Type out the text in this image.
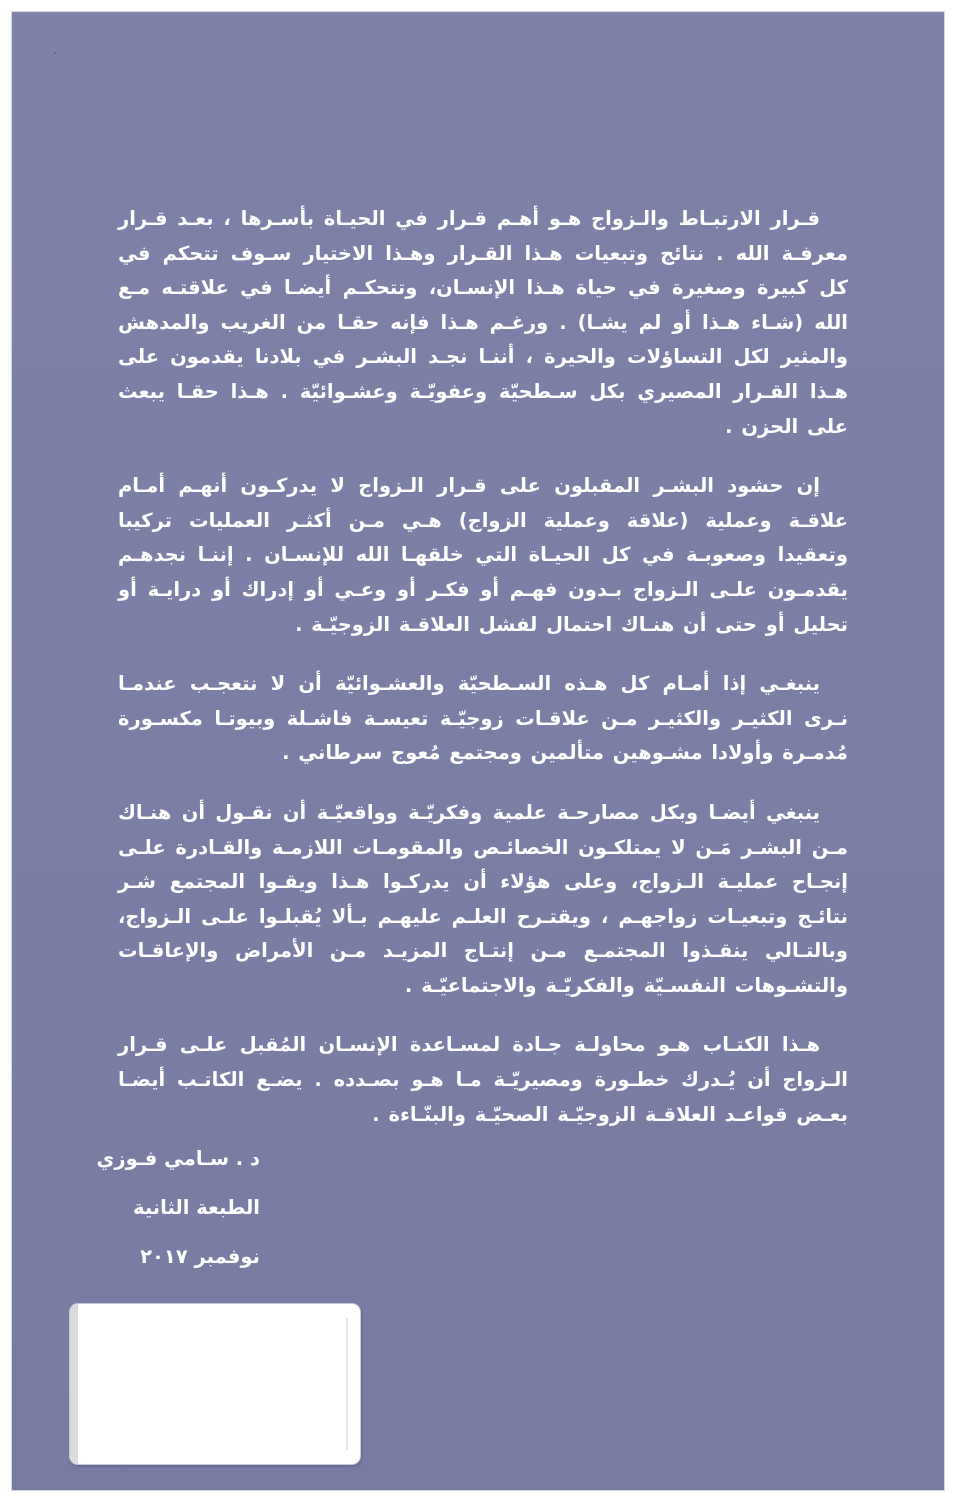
قـرار الارتبـاط والـزواج هـو أهـم قـرار في الحيـاة بأسـرها ، بعـد قـرار معرفـة الله . نتائج وتبعيات هـذا القـرار وهـذا الاختيار سـوف تتحكم في كل كبيرة وصغيرة في حياة هـذا الإنسـان، وتتحكـم أيضـا في علاقتـه مـع الله (شـاء هـذا أو لم يشـا) . ورغـم هـذا فإنه حقـا من الغريب والمدهش والمثير لكل التساؤلات والحيرة ، أننـا نجـد البشـر في بلادنا يقدمون على هـذا القـرار المصيري بكل سـطحيّة وعفويّـة وعشـوائيّة . هـذا حقـا يبعث على الحزن .

إن حشود البشـر المقبلون على قـرار الـزواج لا يدركـون أنهـم أمـام علاقـة وعملية (علاقة وعملية الزواج) هـي مـن أكثـر العمليات تركيبا وتعقيدا وصعوبـة في كل الحيـاة التي خلقهـا الله للإنسـان . إننـا نجدهـم يقدمـون علـى الـزواج بـدون فهـم أو فكـر أو وعـي أو إدراك أو درايـة أو تحليل أو حتى أن هنـاك احتمال لفشل العلاقـة الزوجيّـة .

ينبغـي إذا أمـام كل هـذه السـطحيّة والعشـوائيّة أن لا نتعجـب عندمـا نـرى الكثيـر والكثيـر مـن علاقـات زوجيّـة تعيسـة فاشـلة وبيوتـا مكسـورة مُدمـرة وأولادا مشـوهين متألمين ومجتمع مُعوج سرطاني .

ينبغي أيضـا وبكل مصارحـة علمية وفكريّـة وواقعيّـة أن نقـول أن هنـاك مـن البشـر مَـن لا يمتلكـون الخصائـص والمقومـات اللازمـة والقـادرة علـى إنجـاح عمليـة الـزواج، وعلى هؤلاء أن يدركـوا هـذا ويقـوا المجتمع شـر نتائـج وتبعيـات زواجهـم ، ويقتـرح العلـم عليهـم بـألا يُقبلـوا علـى الـزواج، وبالتـالي ينقـذوا المجتمـع مـن إنتـاج المزيـد مـن الأمراض والإعاقـات والتشـوهات النفسـيّة والفكريّـة والاجتماعيّـة .

هـذا الكتـاب هـو محاولـة جـادة لمسـاعدة الإنسـان المُقبل علـى قـرار الـزواج أن يُـدرك خطـورة ومصيريّـة مـا هـو بصـدده . يضـع الكاتـب أيضـا بعـض قواعـد العلاقـة الزوجيّـة الصحيّـة والبنّـاءة .

د . سـامي فـوزي
الطبعة الثانية
نوفمبر ٢٠١٧
